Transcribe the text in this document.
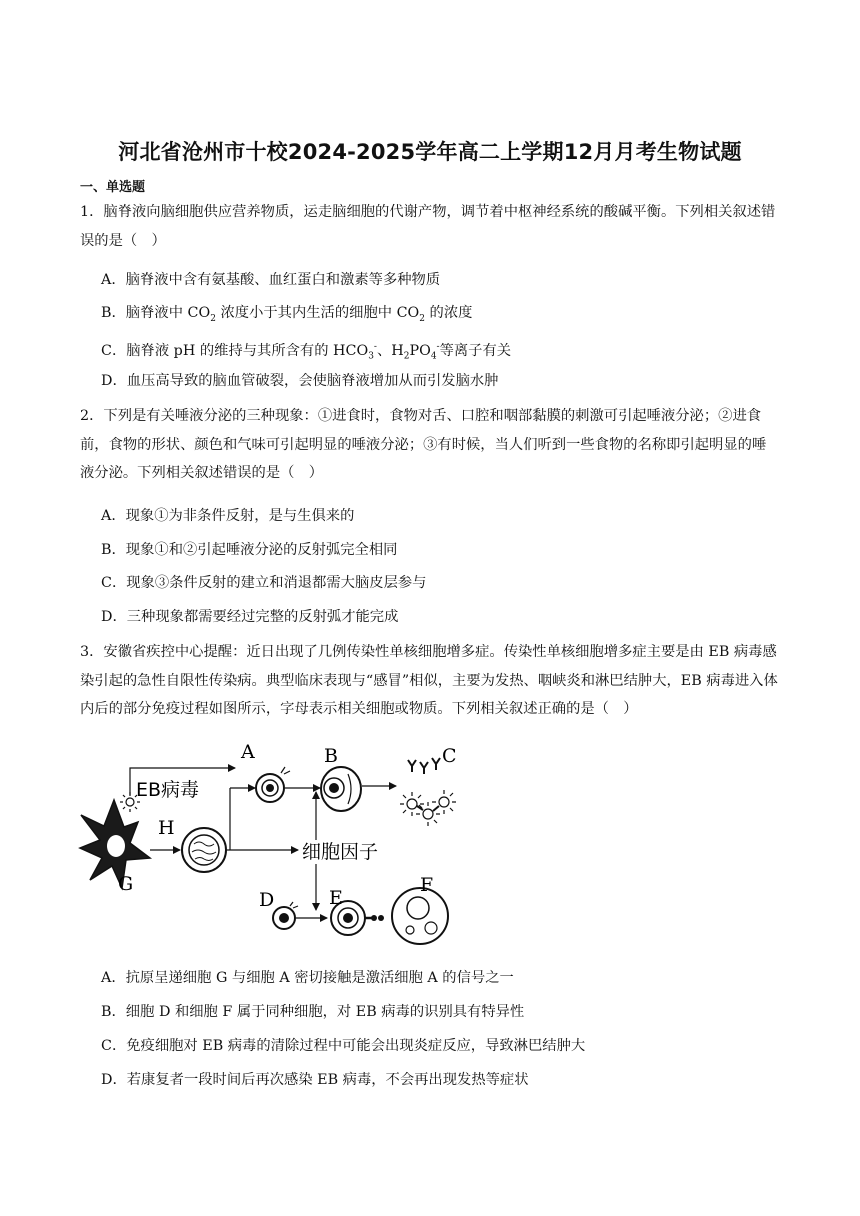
河北省沧州市十校2024-2025学年高二上学期12月月考生物试题
一、单选题
1．脑脊液向脑细胞供应营养物质，运走脑细胞的代谢产物，调节着中枢神经系统的酸碱平衡。下列相关叙述错误的是（　）
A．脑脊液中含有氨基酸、血红蛋白和激素等多种物质
B．脑脊液中 $CO_2$ 浓度小于其内生活的细胞中 $CO_2$ 的浓度
C．脑脊液 pH 的维持与其所含有的 $HCO_3^-$、$H_2PO_4^-$等离子有关
D．血压高导致的脑血管破裂，会使脑脊液增加从而引发脑水肿
2．下列是有关唾液分泌的三种现象：①进食时，食物对舌、口腔和咽部黏膜的刺激可引起唾液分泌；②进食前，食物的形状、颜色和气味可引起明显的唾液分泌；③有时候，当人们听到一些食物的名称即引起明显的唾液分泌。下列相关叙述错误的是（　）
A．现象①为非条件反射，是与生俱来的
B．现象①和②引起唾液分泌的反射弧完全相同
C．现象③条件反射的建立和消退都需大脑皮层参与
D．三种现象都需要经过完整的反射弧才能完成
3．安徽省疾控中心提醒：近日出现了几例传染性单核细胞增多症。传染性单核细胞增多症主要是由 EB 病毒感染引起的急性自限性传染病。典型临床表现与“感冒”相似，主要为发热、咽峡炎和淋巴结肿大，EB 病毒进入体内后的部分免疫过程如图所示，字母表示相关细胞或物质。下列相关叙述正确的是（　）
A	B	C
D	E
F
G
H
EB病毒
细胞因子
A．抗原呈递细胞 G 与细胞 A 密切接触是激活细胞 A 的信号之一
B．细胞 D 和细胞 F 属于同种细胞，对 EB 病毒的识别具有特异性
C．免疫细胞对 EB 病毒的清除过程中可能会出现炎症反应，导致淋巴结肿大
D．若康复者一段时间后再次感染 EB 病毒，不会再出现发热等症状
